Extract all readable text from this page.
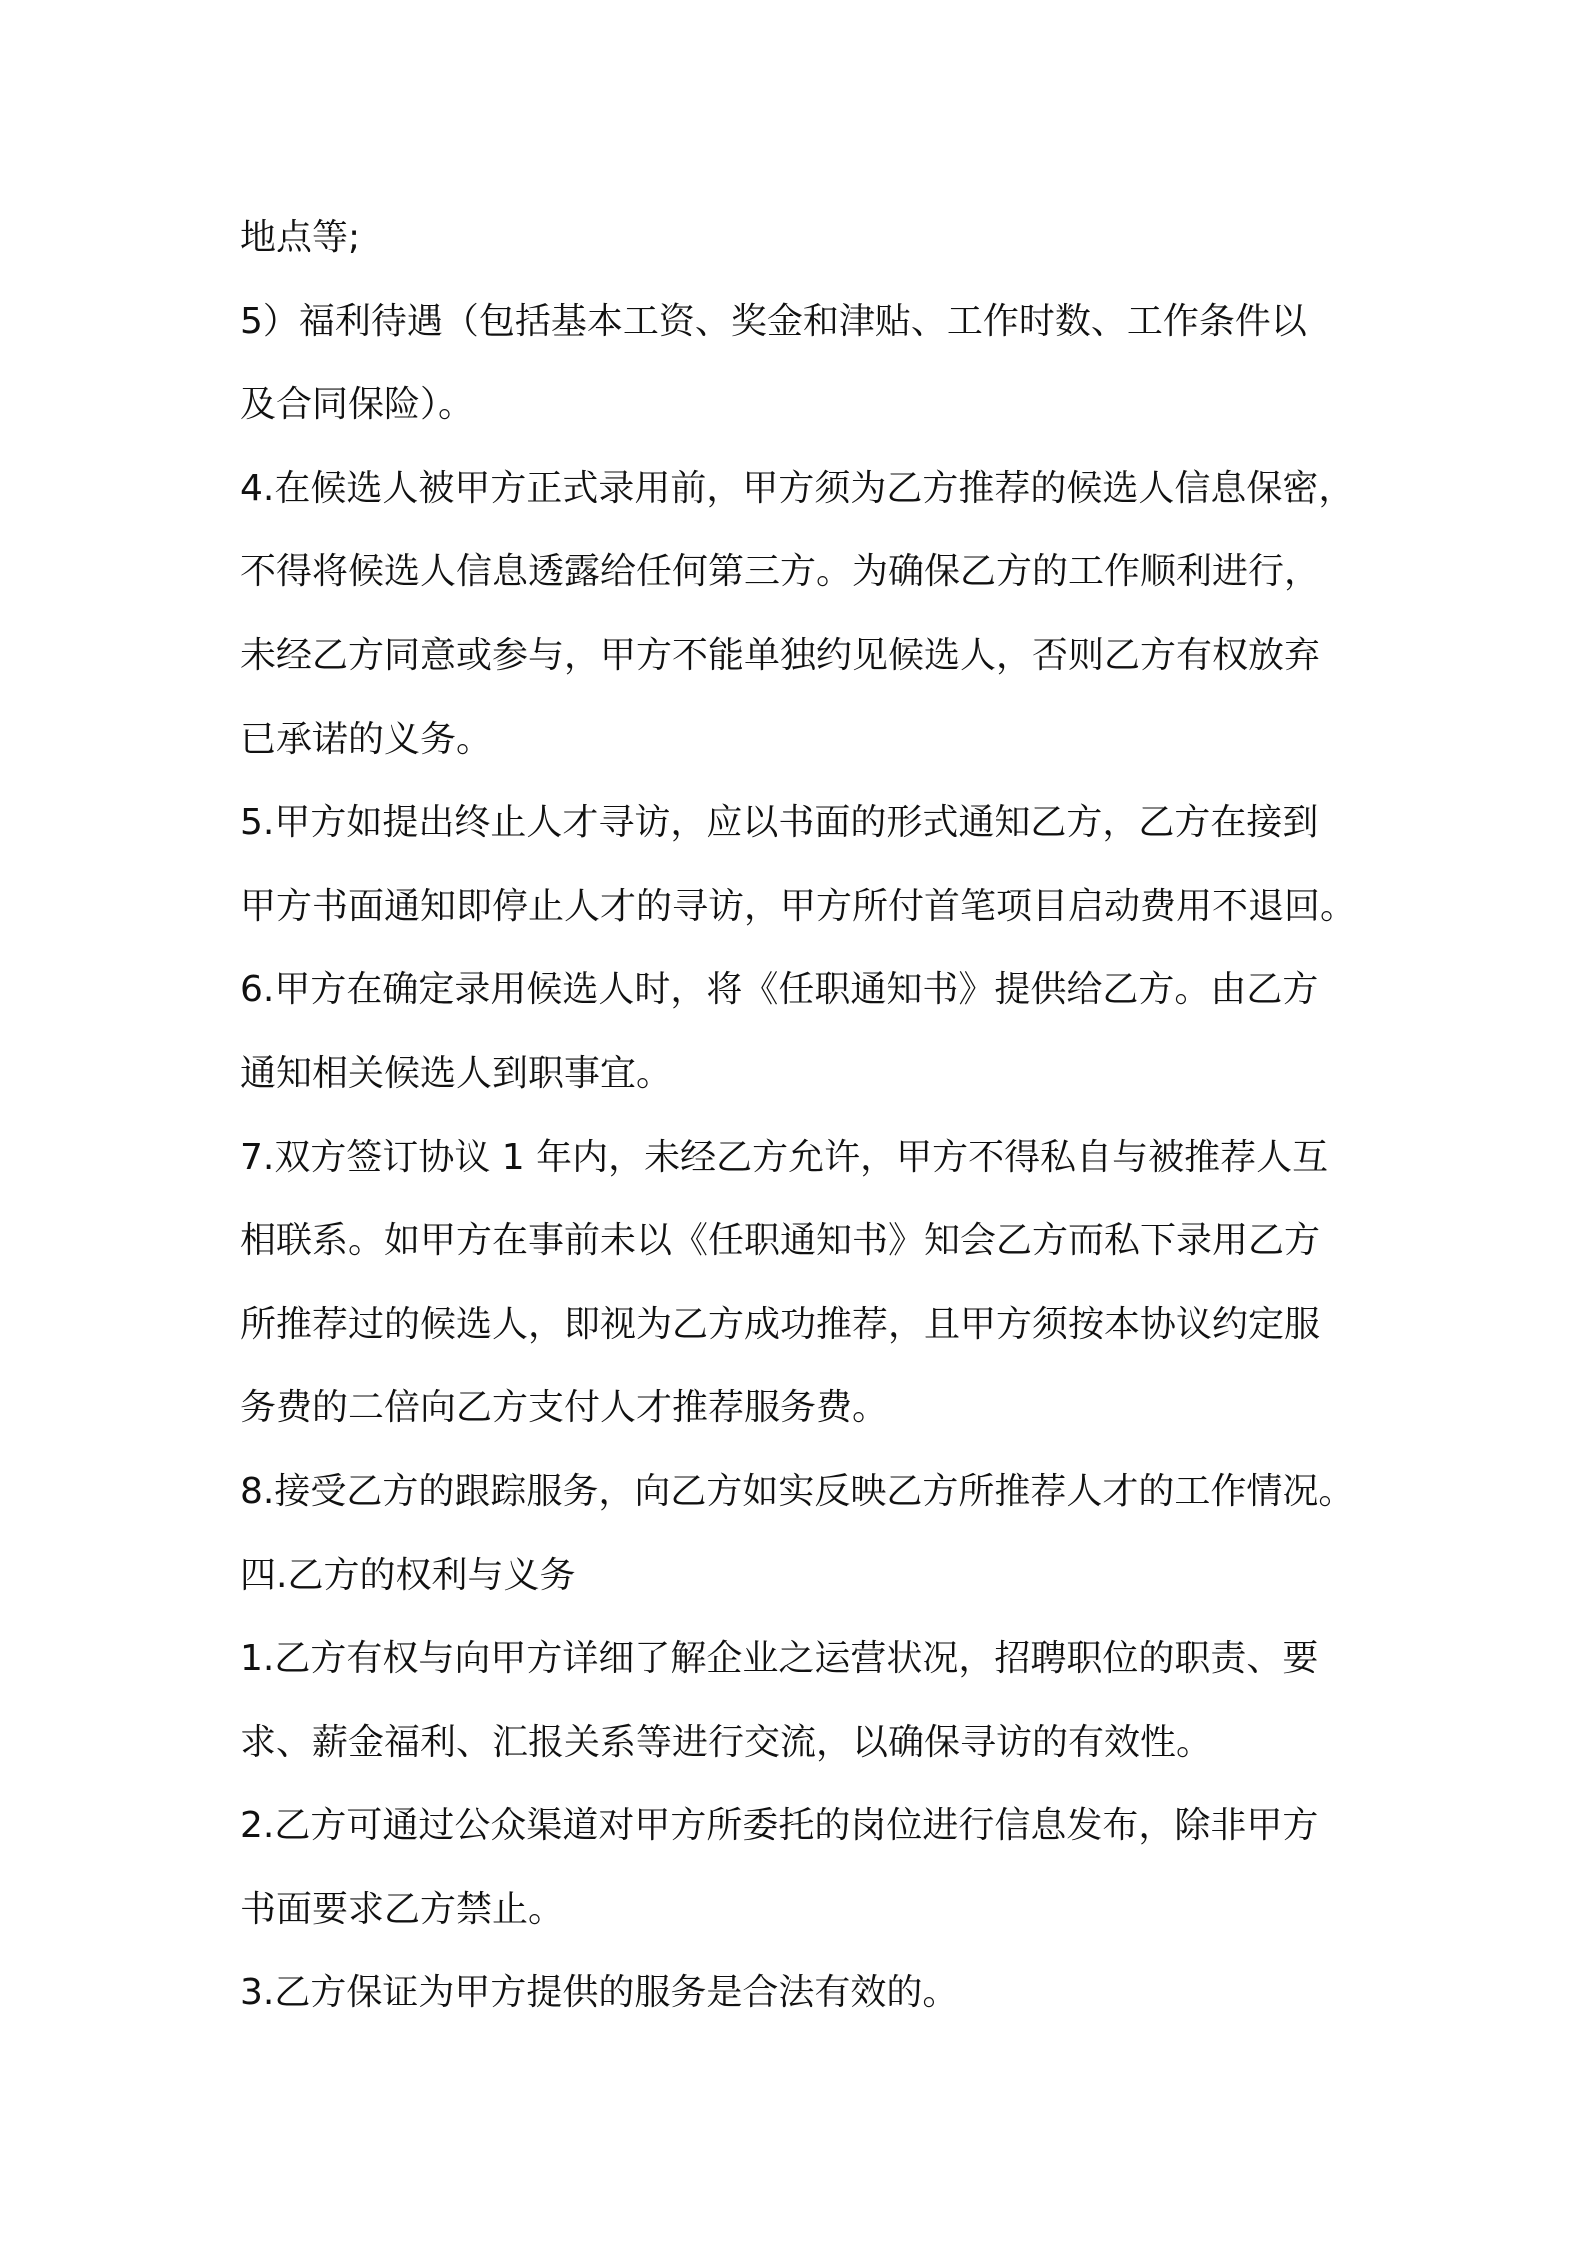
地点等;

5）福利待遇（包括基本工资、奖金和津贴、工作时数、工作条件以

及合同保险）。

4.在候选人被甲方正式录用前，甲方须为乙方推荐的候选人信息保密，

不得将候选人信息透露给任何第三方。为确保乙方的工作顺利进行，

未经乙方同意或参与，甲方不能单独约见候选人，否则乙方有权放弃

已承诺的义务。

5.甲方如提出终止人才寻访，应以书面的形式通知乙方，乙方在接到

甲方书面通知即停止人才的寻访，甲方所付首笔项目启动费用不退回。

6.甲方在确定录用候选人时，将《任职通知书》提供给乙方。由乙方

通知相关候选人到职事宜。

7.双方签订协议 1 年内，未经乙方允许，甲方不得私自与被推荐人互

相联系。如甲方在事前未以《任职通知书》知会乙方而私下录用乙方

所推荐过的候选人，即视为乙方成功推荐，且甲方须按本协议约定服

务费的二倍向乙方支付人才推荐服务费。

8.接受乙方的跟踪服务，向乙方如实反映乙方所推荐人才的工作情况。

四.乙方的权利与义务

1.乙方有权与向甲方详细了解企业之运营状况，招聘职位的职责、要

求、薪金福利、汇报关系等进行交流，以确保寻访的有效性。

2.乙方可通过公众渠道对甲方所委托的岗位进行信息发布，除非甲方

书面要求乙方禁止。

3.乙方保证为甲方提供的服务是合法有效的。
